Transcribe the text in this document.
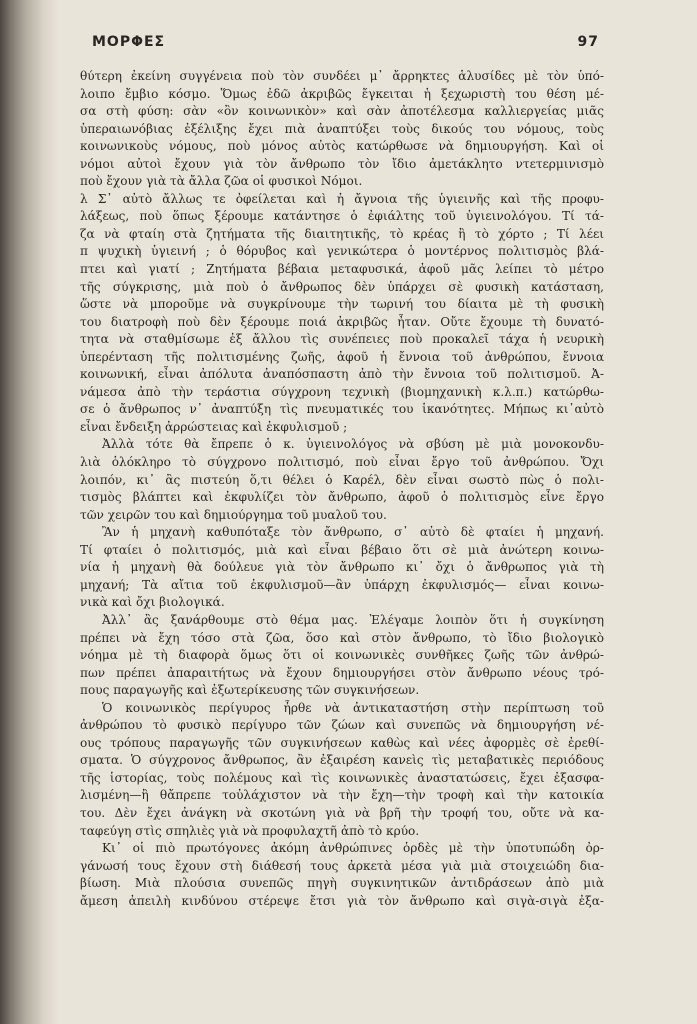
ΜΟΡΦΕΣ	97
θύτερη ἐκείνη συγγένεια ποὺ τὸν συνδέει μ᾽ ἄρρηκτες ἁλυσίδες μὲ τὸν ὑπό-
λοιπο ἔμβιο κόσμο. Ὅμως ἐδῶ ἀκριβῶς ἔγκειται ἡ ξεχωριστὴ του θέση μέ-
σα στὴ φύση: σὰν «ὂν κοινωνικὸν» καὶ σὰν ἀποτέλεσμα καλλιεργείας μιᾶς
ὑπεραιωνόβιας ἐξέλιξης ἔχει πιὰ ἀναπτύξει τοὺς δικούς του νόμους, τοὺς
κοινωνικοὺς νόμους, ποὺ μόνος αὐτὸς κατώρθωσε νὰ δημιουργήση. Καὶ οἱ
νόμοι αὐτοὶ ἔχουν γιὰ τὸν ἄνθρωπο τὸν ἴδιο ἀμετάκλητο ντετερμινισμὸ
ποὺ ἔχουν γιὰ τὰ ἄλλα ζῶα οἱ φυσικοὶ Νόμοι.
λ Σ᾽ αὐτὸ ἄλλως τε ὀφείλεται καὶ ἡ ἄγνοια τῆς ὑγιεινῆς καὶ τῆς προφυ-
λάξεως, ποὺ ὅπως ξέρουμε κατάντησε ὁ ἐφιάλτης τοῦ ὑγιεινολόγου. Τί τά-
ζα νὰ φταίη στὰ ζητήματα τῆς διαιτητικῆς, τὸ κρέας ἢ τὸ χόρτο ; Τί λέει
π ψυχικὴ ὑγιεινή ; ὁ θόρυβος καὶ γενικώτερα ὁ μοντέρνος πολιτισμὸς βλά-
πτει καὶ γιατί ; Ζητήματα βέβαια μεταφυσικά, ἀφοῦ μᾶς λείπει τὸ μέτρο
τῆς σύγκρισης, μιὰ ποὺ ὁ ἄνθρωπος δὲν ὑπάρχει σὲ φυσικὴ κατάσταση,
ὥστε νὰ μποροῦμε νὰ συγκρίνουμε τὴν τωρινή του δίαιτα μὲ τὴ φυσικὴ
του διατροφὴ ποὺ δὲν ξέρουμε ποιά ἀκριβῶς ἦταν. Οὔτε ἔχουμε τὴ δυνατό-
τητα νὰ σταθμίσωμε ἐξ ἄλλου τὶς συνέπειες ποὺ προκαλεῖ τάχα ἡ νευρικὴ
ὑπερένταση τῆς πολιτισμένης ζωῆς, ἀφοῦ ἡ ἔννοια τοῦ ἀνθρώπου, ἔννοια
κοινωνική, εἶναι ἀπόλυτα ἀναπόσπαστη ἀπὸ τὴν ἔννοια τοῦ πολιτισμοῦ. Ἀ-
νάμεσα ἀπὸ τὴν τεράστια σύγχρονη τεχνικὴ (βιομηχανικὴ κ.λ.π.) κατώρθω-
σε ὁ ἄνθρωπος ν᾽ ἀναπτύξη τὶς πνευματικές του ἱκανότητες. Μήπως κι᾽αὐτὸ
εἶναι ἔνδειξη ἀρρώστειας καὶ ἐκφυλισμοῦ ;
Ἀλλὰ τότε θὰ ἔπρεπε ὁ κ. ὑγιεινολόγος νὰ σβύση μὲ μιὰ μονοκονδυ-
λιὰ ὁλόκληρο τὸ σύγχρονο πολιτισμό, ποὺ εἶναι ἔργο τοῦ ἀνθρώπου. Ὄχι
λοιπόν, κι᾽ ἂς πιστεύη ὅ,τι θέλει ὁ Καρέλ, δὲν εἶναι σωστὸ πὼς ὁ πολι-
τισμὸς βλάπτει καὶ ἐκφυλίζει τὸν ἄνθρωπο, ἀφοῦ ὁ πολιτισμὸς εἶνε ἔργο
τῶν χειρῶν του καὶ δημιούργημα τοῦ μυαλοῦ του.
Ἂν ἡ μηχανὴ καθυπόταξε τὸν ἄνθρωπο, σ᾽ αὐτὸ δὲ φταίει ἡ μηχανή.
Τί φταίει ὁ πολιτισμός, μιὰ καὶ εἶναι βέβαιο ὅτι σὲ μιὰ ἀνώτερη κοινω-
νία ἡ μηχανὴ θὰ δούλευε γιὰ τὸν ἄνθρωπο κι᾽ ὄχι ὁ ἄνθρωπος γιὰ τὴ
μηχανή; Τὰ αἴτια τοῦ ἐκφυλισμοῦ—ἂν ὑπάρχη ἐκφυλισμός— εἶναι κοινω-
νικὰ καὶ ὄχι βιολογικά.
Ἀλλ᾽ ἂς ξανάρθουμε στὸ θέμα μας. Ἐλέγαμε λοιπὸν ὅτι ἡ συγκίνηση
πρέπει νὰ ἔχη τόσο στὰ ζῶα, ὅσο καὶ στὸν ἄνθρωπο, τὸ ἴδιο βιολογικὸ
νόημα μὲ τὴ διαφορὰ ὅμως ὅτι οἱ κοινωνικὲς συνθῆκες ζωῆς τῶν ἀνθρώ-
πων πρέπει ἀπαραιτήτως νὰ ἔχουν δημιουργήσει στὸν ἄνθρωπο νέους τρό-
πους παραγωγῆς καὶ ἐξωτερίκευσης τῶν συγκινήσεων.
Ὁ κοινωνικὸς περίγυρος ἦρθε νὰ ἀντικαταστήση στὴν περίπτωση τοῦ
ἀνθρώπου τὸ φυσικὸ περίγυρο τῶν ζώων καὶ συνεπῶς νὰ δημιουργήση νέ-
ους τρόπους παραγωγῆς τῶν συγκινήσεων καθὼς καὶ νέες ἀφορμὲς σὲ ἐρεθί-
σματα. Ὁ σύγχρονος ἄνθρωπος, ἂν ἐξαιρέση κανεὶς τὶς μεταβατικὲς περιόδους
τῆς ἱστορίας, τοὺς πολέμους καὶ τὶς κοινωνικὲς ἀναστατώσεις, ἔχει ἐξασφα-
λισμένη—ἢ θἄπρεπε τοὐλάχιστον νὰ τὴν ἔχη—τὴν τροφὴ καὶ τὴν κατοικία
του. Δὲν ἔχει ἀνάγκη νὰ σκοτώνη γιὰ νὰ βρῆ τὴν τροφή του, οὔτε νὰ κα-
ταφεύγη στὶς σπηλιὲς γιὰ νὰ προφυλαχτῆ ἀπὸ τὸ κρύο.
Κι᾽ οἱ πιὸ πρωτόγονες ἀκόμη ἀνθρώπινες ὁρδὲς μὲ τὴν ὑποτυπώδη ὀρ-
γάνωσή τους ἔχουν στὴ διάθεσή τους ἀρκετὰ μέσα γιὰ μιὰ στοιχειώδη δια-
βίωση. Μιὰ πλούσια συνεπῶς πηγὴ συγκινητικῶν ἀντιδράσεων ἀπὸ μιὰ
ἄμεση ἀπειλὴ κινδύνου στέρεψε ἔτσι γιὰ τὸν ἄνθρωπο καὶ σιγὰ-σιγὰ ἐξα-
